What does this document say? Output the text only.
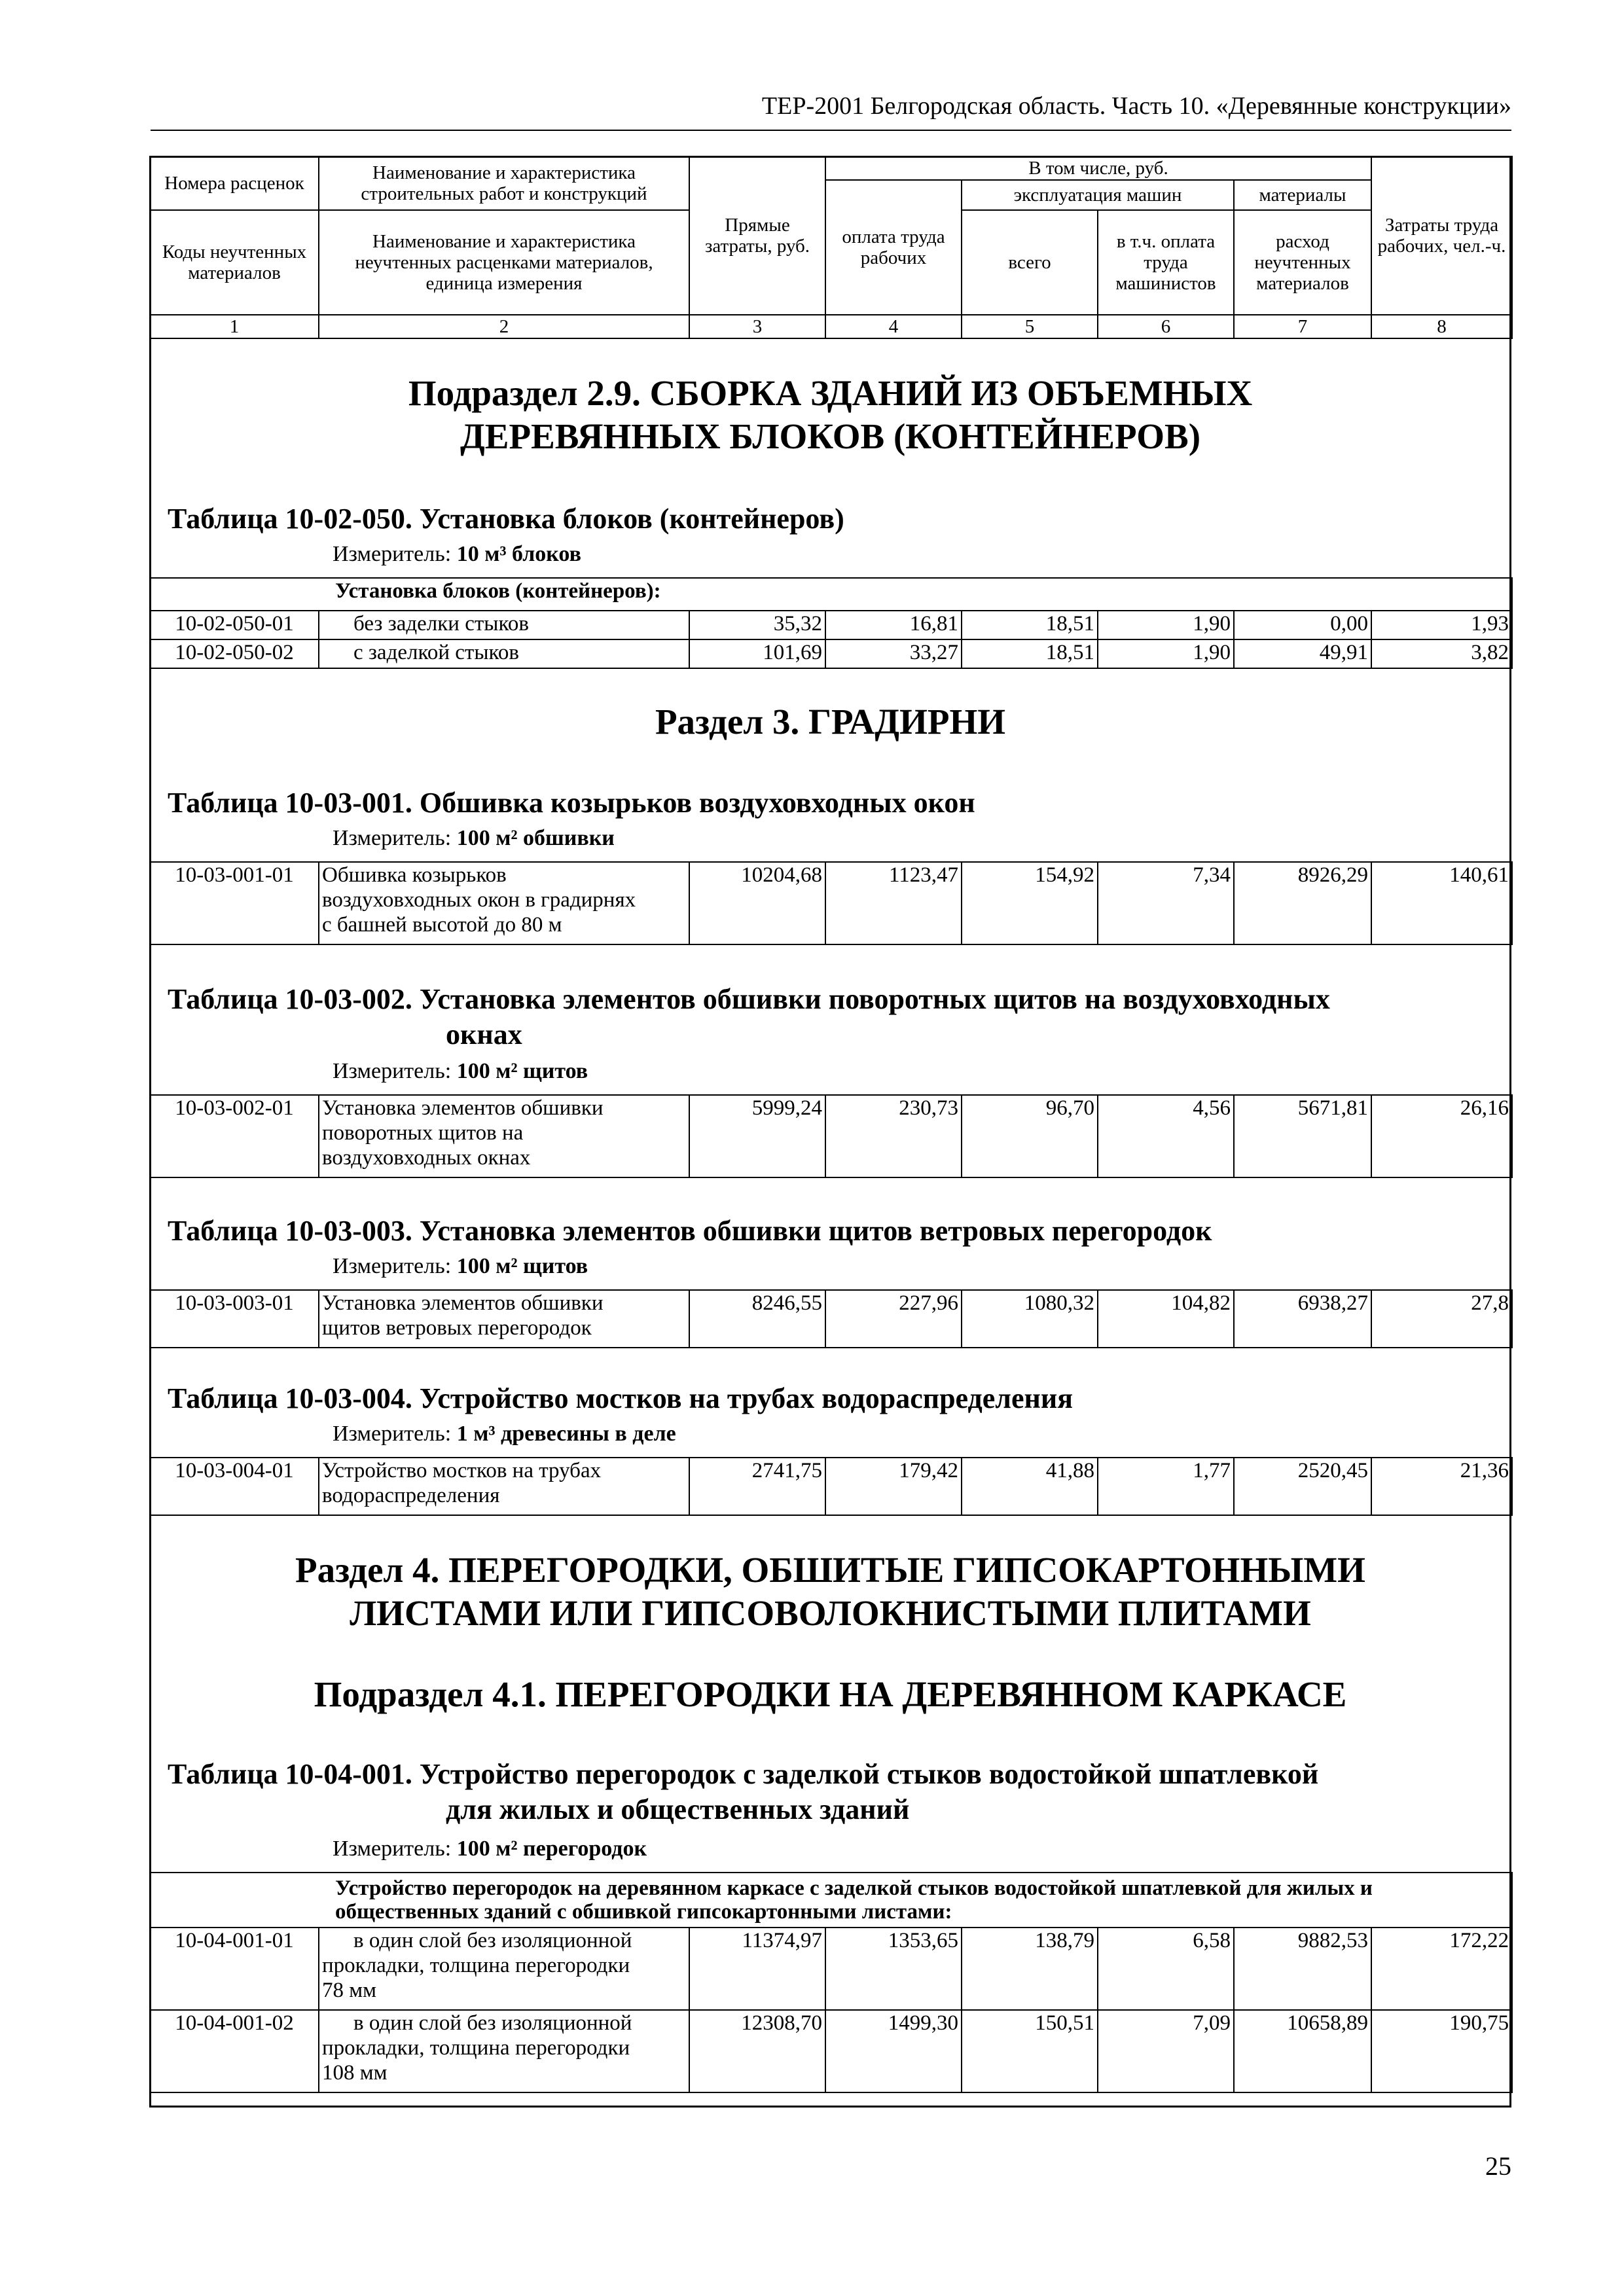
ТЕР-2001 Белгородская область. Часть 10. «Деревянные конструкции»
Номера расценок	Наименование и характеристика строительных работ и конструкций	Прямые затраты, руб.	В том числе, руб.				Затраты труда рабочих, чел.-ч.
			оплата труда рабочих	эксплуатация машин		материалы	
Коды неучтенных материалов	Наименование и характеристика неучтенных расценками материалов, единица измерения			всего	в т.ч. оплата труда машинистов	расход неучтенных материалов	

1	2	3	4	5	6	7	8
Подраздел 2.9. СБОРКА ЗДАНИЙ ИЗ ОБЪЕМНЫХ ДЕРЕВЯННЫХ БЛОКОВ (КОНТЕЙНЕРОВ)
Таблица 10-02-050. Установка блоков (контейнеров)
Измеритель: 10 м³ блоков
Установка блоков (контейнеров):							
10-02-050-01	без заделки стыков	35,32	16,81	18,51	1,90	0,00	1,93
10-02-050-02	с заделкой стыков	101,69	33,27	18,51	1,90	49,91	3,82
Раздел 3. ГРАДИРНИ
Таблица 10-03-001. Обшивка козырьков воздуховходных окон
Измеритель: 100 м² обшивки
10-03-001-01	Обшивка козырьков
воздуховходных окон в градирнях
с башней высотой до 80 м
	10204,68	1123,47	154,92	7,34	8926,29	140,61
Таблица 10-03-002. Установка элементов обшивки поворотных щитов на воздуховходных
окнах
Измеритель: 100 м² щитов
10-03-002-01	Установка элементов обшивки
поворотных щитов на
воздуховходных окнах
	5999,24	230,73	96,70	4,56	5671,81	26,16
Таблица 10-03-003. Установка элементов обшивки щитов ветровых перегородок
Измеритель: 100 м² щитов
10-03-003-01	Установка элементов обшивки
щитов ветровых перегородок
	8246,55	227,96	1080,32	104,82	6938,27	27,8
Таблица 10-03-004. Устройство мостков на трубах водораспределения
Измеритель: 1 м³ древесины в деле
10-03-004-01	Устройство мостков на трубах
водораспределения
	2741,75	179,42	41,88	1,77	2520,45	21,36
Раздел 4. ПЕРЕГОРОДКИ, ОБШИТЫЕ ГИПСОКАРТОННЫМИ
ЛИСТАМИ ИЛИ ГИПСОВОЛОКНИСТЫМИ ПЛИТАМИ
Подраздел 4.1. ПЕРЕГОРОДКИ НА ДЕРЕВЯННОМ КАРКАСЕ
Таблица 10-04-001. Устройство перегородок с заделкой стыков водостойкой шпатлевкой
для жилых и общественных зданий
Измеритель: 100 м² перегородок
Устройство перегородок на деревянном каркасе с заделкой стыков водостойкой шпатлевкой для жилых и общественных зданий с обшивкой гипсокартонными листами:							
10-04-001-01	в один слой без изоляционной
прокладки, толщина перегородки
78 мм	11374,97	1353,65	138,79	6,58	9882,53	172,22
10-04-001-02	в один слой без изоляционной
прокладки, толщина перегородки
108 мм	12308,70	1499,30	150,51	7,09	10658,89	190,75
25
